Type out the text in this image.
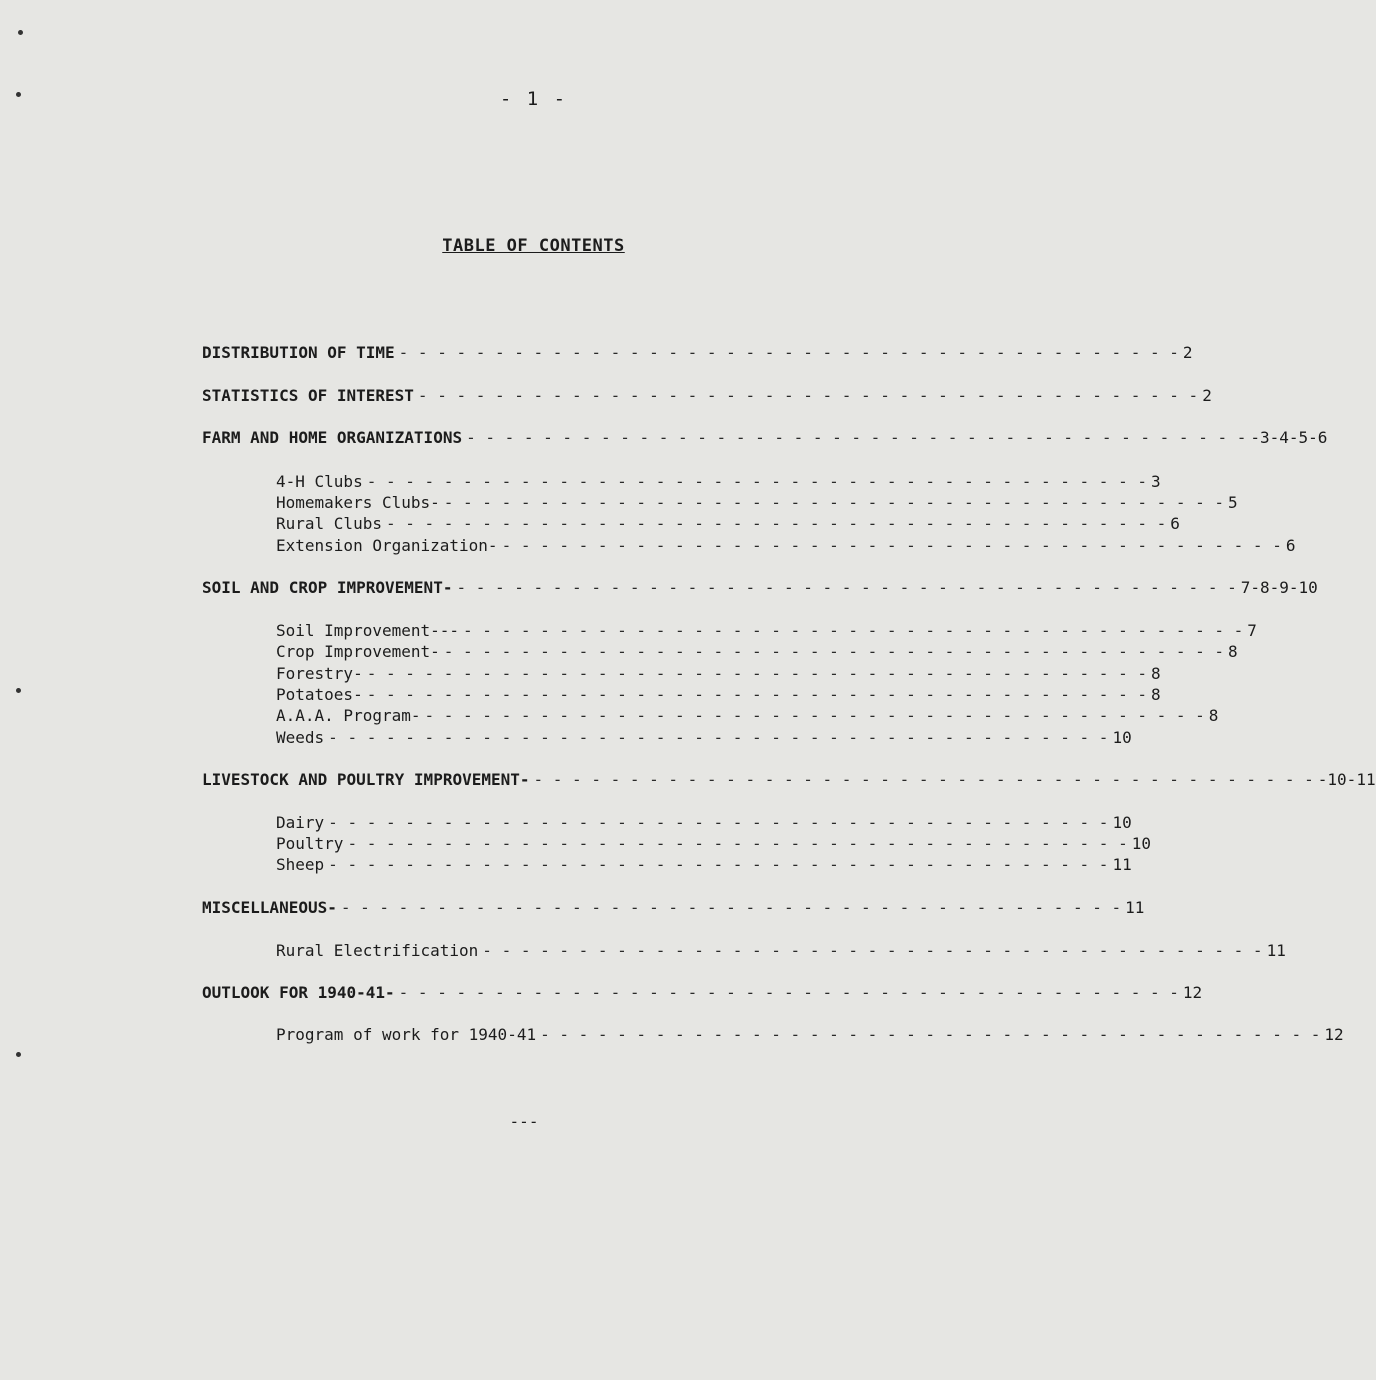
- 1 -
TABLE OF CONTENTS
DISTRIBUTION OF TIME - - - - - - - - - - - - - - - - - - - - - - - - - - - - - - - - - - - - - - - - - 2
STATISTICS OF INTEREST - - - - - - - - - - - - - - - - - - - - - - - - - - - - - - - - - - - - - - - - - 2
FARM AND HOME ORGANIZATIONS - - - - - - - - - - - - - - - - - - - - - - - - - - - - - - - - - - - - - - - - - -3-4-5-6
4-H Clubs - - - - - - - - - - - - - - - - - - - - - - - - - - - - - - - - - - - - - - - - - 3
Homemakers Clubs- - - - - - - - - - - - - - - - - - - - - - - - - - - - - - - - - - - - - - - - - - 5
Rural Clubs - - - - - - - - - - - - - - - - - - - - - - - - - - - - - - - - - - - - - - - - - 6
Extension Organization- - - - - - - - - - - - - - - - - - - - - - - - - - - - - - - - - - - - - - - - - - 6
SOIL AND CROP IMPROVEMENT- - - - - - - - - - - - - - - - - - - - - - - - - - - - - - - - - - - - - - - - - - 7-8-9-10
Soil Improvement--- - - - - - - - - - - - - - - - - - - - - - - - - - - - - - - - - - - - - - - - - - 7
Crop Improvement- - - - - - - - - - - - - - - - - - - - - - - - - - - - - - - - - - - - - - - - - - 8
Forestry- - - - - - - - - - - - - - - - - - - - - - - - - - - - - - - - - - - - - - - - - - 8
Potatoes- - - - - - - - - - - - - - - - - - - - - - - - - - - - - - - - - - - - - - - - - - 8
A.A.A. Program- - - - - - - - - - - - - - - - - - - - - - - - - - - - - - - - - - - - - - - - - - 8
Weeds - - - - - - - - - - - - - - - - - - - - - - - - - - - - - - - - - - - - - - - - - 10
LIVESTOCK AND POULTRY IMPROVEMENT- - - - - - - - - - - - - - - - - - - - - - - - - - - - - - - - - - - - - - - - - - -10-11
Dairy - - - - - - - - - - - - - - - - - - - - - - - - - - - - - - - - - - - - - - - - - 10
Poultry - - - - - - - - - - - - - - - - - - - - - - - - - - - - - - - - - - - - - - - - - 10
Sheep - - - - - - - - - - - - - - - - - - - - - - - - - - - - - - - - - - - - - - - - - 11
MISCELLANEOUS- - - - - - - - - - - - - - - - - - - - - - - - - - - - - - - - - - - - - - - - - - 11
Rural Electrification - - - - - - - - - - - - - - - - - - - - - - - - - - - - - - - - - - - - - - - - - 11
OUTLOOK FOR 1940-41- - - - - - - - - - - - - - - - - - - - - - - - - - - - - - - - - - - - - - - - - - 12
Program of work for 1940-41 - - - - - - - - - - - - - - - - - - - - - - - - - - - - - - - - - - - - - - - - - 12
---
